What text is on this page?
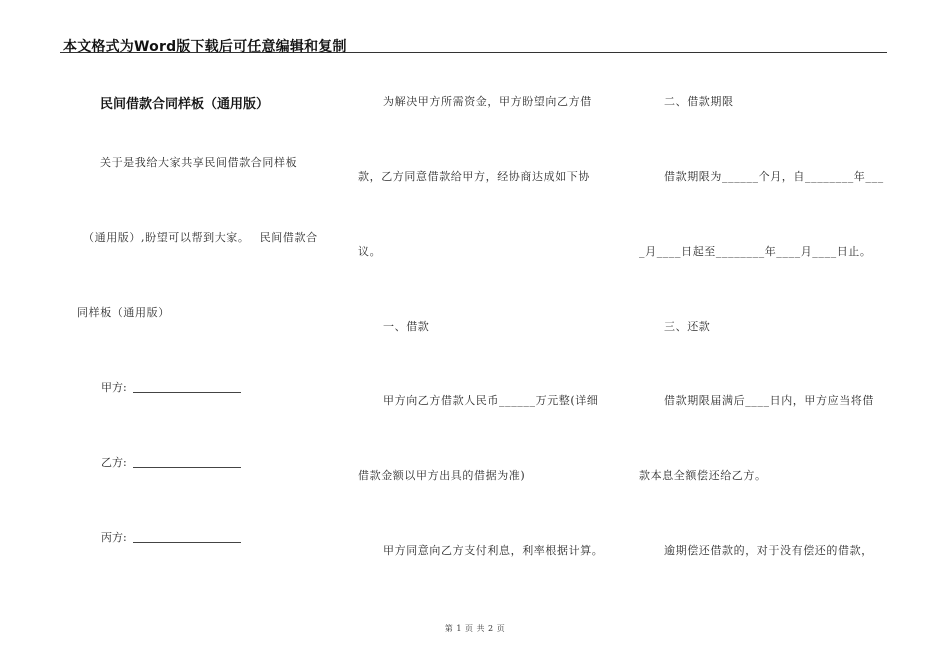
本文格式为Word版下载后可任意编辑和复制
民间借款合同样板（通用版）
关于是我给大家共享民间借款合同样板
（通用版）,盼望可以帮到大家。　 民间借款合
同样板（通用版）
甲方:
乙方:
丙方:
为解决甲方所需资金，甲方盼望向乙方借
款，乙方同意借款给甲方，经协商达成如下协
议。
一、借款
甲方向乙方借款人民币______万元整(详细
借款金额以甲方出具的借据为准)
甲方同意向乙方支付利息，利率根据计算。
二、借款期限
借款期限为______个月，自________年___
_月____日起至________年____月____日止。
三、还款
借款期限届满后____日内，甲方应当将借
款本息全额偿还给乙方。
逾期偿还借款的，对于没有偿还的借款，
第 1 页 共 2 页
